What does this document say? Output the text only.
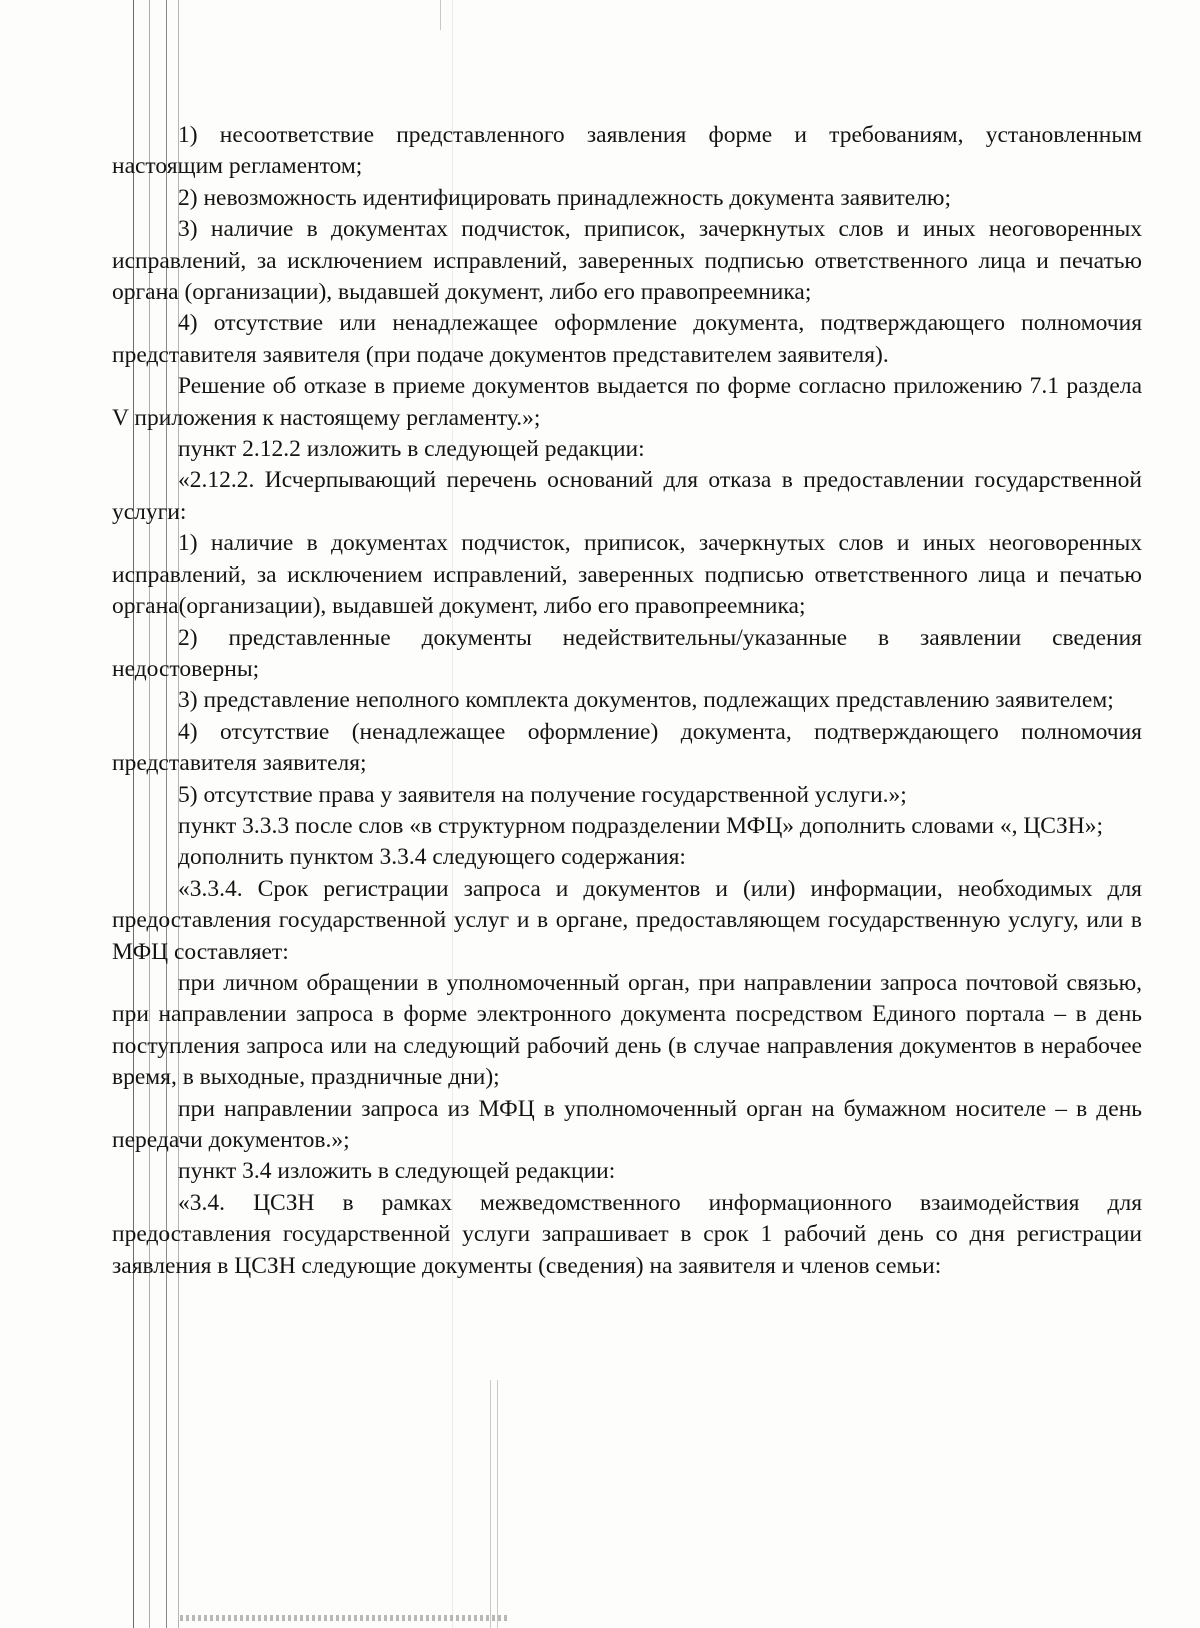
1) несоответствие представленного заявления форме и требованиям, установленным настоящим регламентом;

2) невозможность идентифицировать принадлежность документа заявителю;

3) наличие в документах подчисток, приписок, зачеркнутых слов и иных неоговоренных исправлений, за исключением исправлений, заверенных подписью ответственного лица и печатью органа (организации), выдавшей документ, либо его правопреемника;

4) отсутствие или ненадлежащее оформление документа, подтверждающего полномочия представителя заявителя (при подаче документов представителем заявителя).

Решение об отказе в приеме документов выдается по форме согласно приложению 7.1 раздела V приложения к настоящему регламенту.»;

пункт 2.12.2 изложить в следующей редакции:

«2.12.2. Исчерпывающий перечень оснований для отказа в предоставлении государственной услуги:

1) наличие в документах подчисток, приписок, зачеркнутых слов и иных неоговоренных исправлений, за исключением исправлений, заверенных подписью ответственного лица и печатью органа(организации), выдавшей документ, либо его правопреемника;

2) представленные документы недействительны/указанные в заявлении сведения недостоверны;

3) представление неполного комплекта документов, подлежащих представлению заявителем;

4) отсутствие (ненадлежащее оформление) документа, подтверждающего полномочия представителя заявителя;

5) отсутствие права у заявителя на получение государственной услуги.»;

пункт 3.3.3 после слов «в структурном подразделении МФЦ» дополнить словами «, ЦСЗН»;

дополнить пунктом 3.3.4 следующего содержания:

«3.3.4. Срок регистрации запроса и документов и (или) информации, необходимых для предоставления государственной услуг и в органе, предоставляющем государственную услугу, или в МФЦ составляет:

при личном обращении в уполномоченный орган, при направлении запроса почтовой связью, при направлении запроса в форме электронного документа посредством Единого портала – в день поступления запроса или на следующий рабочий день (в случае направления документов в нерабочее время, в выходные, праздничные дни);

при направлении запроса из МФЦ в уполномоченный орган на бумажном носителе – в день передачи документов.»;

пункт 3.4 изложить в следующей редакции:

«3.4. ЦСЗН в рамках межведомственного информационного взаимодействия для предоставления государственной услуги запрашивает в срок 1 рабочий день со дня регистрации заявления в ЦСЗН следующие документы (сведения) на заявителя и членов семьи:
